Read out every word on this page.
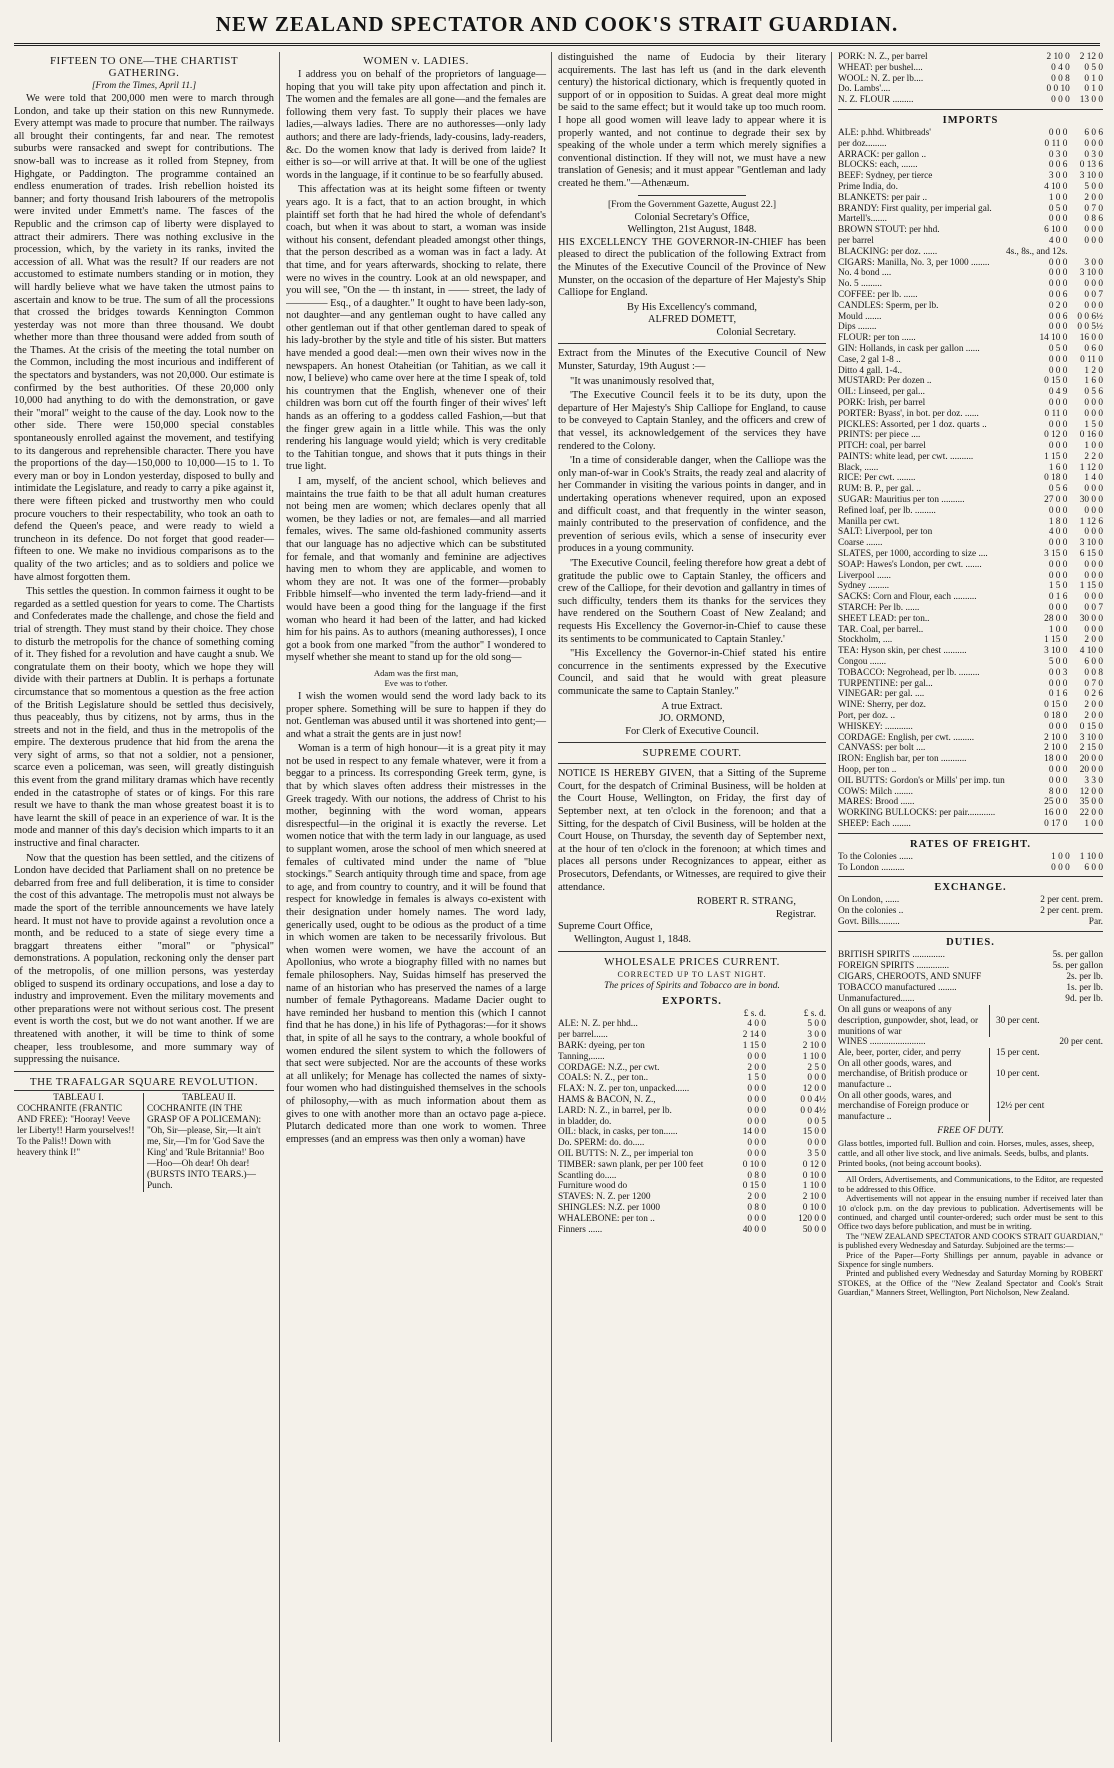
NEW ZEALAND SPECTATOR AND COOK'S STRAIT GUARDIAN.
FIFTEEN TO ONE—THE CHARTIST GATHERING.
[From the Times, April 11.]

We were told that 200,000 men were to march through London, and take up their station on this new Runnymede. Every attempt was made to procure that number. The railways all brought their contingents, far and near. The remotest suburbs were ransacked and swept for contributions. The snow-ball was to increase as it rolled from Stepney, from Highgate, or Paddington. The programme contained an endless enumeration of trades. Irish rebellion hoisted its banner; and forty thousand Irish labourers of the metropolis were invited under Emmett's name. The fasces of the Republic and the crimson cap of liberty were displayed to attract their admirers. There was nothing exclusive in the procession, which, by the variety in its ranks, invited the accession of all. What was the result? If our readers are not accustomed to estimate numbers standing or in motion, they will hardly believe what we have taken the utmost pains to ascertain and know to be true. The sum of all the processions that crossed the bridges towards Kennington Common yesterday was not more than three thousand. We doubt whether more than three thousand were added from south of the Thames. At the crisis of the meeting the total number on the Common, including the most incurious and indifferent of the spectators and bystanders, was not 20,000. Our estimate is confirmed by the best authorities. Of these 20,000 only 10,000 had anything to do with the demonstration, or gave their "moral" weight to the cause of the day. Look now to the other side. There were 150,000 special constables spontaneously enrolled against the movement, and testifying to its dangerous and reprehensible character. There you have the proportions of the day—150,000 to 10,000—15 to 1. To every man or boy in London yesterday, disposed to bully and intimidate the Legislature, and ready to carry a pike against it, there were fifteen picked and trustworthy men who could procure vouchers to their respectability, who took an oath to defend the Queen's peace, and were ready to wield a truncheon in its defence. Do not forget that good reader—fifteen to one. We make no invidious comparisons as to the quality of the two articles; and as to soldiers and police we have almost forgotten them.

This settles the question. In common fairness it ought to be regarded as a settled question for years to come. The Chartists and Confederates made the challenge, and chose the field and trial of strength. They must stand by their choice. They chose to disturb the metropolis for the chance of something coming of it. They fished for a revolution and have caught a snub. We congratulate them on their booty, which we hope they will divide with their partners at Dublin. It is perhaps a fortunate circumstance that so momentous a question as the free action of the British Legislature should be settled thus decisively, thus peaceably, thus by citizens, not by arms, thus in the streets and not in the field, and thus in the metropolis of the empire. The dexterous prudence that hid from the arena the very sight of arms, so that not a soldier, not a pensioner, scarce even a policeman, was seen, will greatly distinguish this event from the grand military dramas which have recently ended in the catastrophe of states or of kings. For this rare result we have to thank the man whose greatest boast it is to have learnt the skill of peace in an experience of war. It is the mode and manner of this day's decision which imparts to it an instructive and final character.

Now that the question has been settled, and the citizens of London have decided that Parliament shall on no pretence be debarred from free and full deliberation, it is time to consider the cost of this advantage. The metropolis must not always be made the sport of the terrible announcements we have lately heard. It must not have to provide against a revolution once a month, and be reduced to a state of siege every time a braggart threatens either "moral" or "physical" demonstrations. A population, reckoning only the denser part of the metropolis, of one million persons, was yesterday obliged to suspend its ordinary occupations, and lose a day to industry and improvement. Even the military movements and other preparations were not without serious cost. The present event is worth the cost, but we do not want another. If we are threatened with another, it will be time to think of some cheaper, less troublesome, and more summary way of suppressing the nuisance.

THE TRAFALGAR SQUARE REVOLUTION.
TABLEAU I.
COCHRANITE (FRANTIC AND FREE): "Hooray! Veeve ler Liberty!! Harm yourselves!! To the Palis!! Down with heavery think I!"
TABLEAU II.
COCHRANITE (IN THE GRASP OF A POLICEMAN): "Oh, Sir—please, Sir,—It ain't me, Sir,—I'm for 'God Save the King' and 'Rule Britannia!' Boo—Hoo—Oh dear! Oh dear! (BURSTS INTO TEARS.)—Punch.
WOMEN v. LADIES.

I address you on behalf of the proprietors of language—hoping that you will take pity upon affectation and pinch it. The women and the females are all gone—and the females are following them very fast. To supply their places we have ladies,—always ladies. There are no authoresses—only lady authors; and there are lady-friends, lady-cousins, lady-readers, &c. Do the women know that lady is derived from laide? It either is so—or will arrive at that. It will be one of the ugliest words in the language, if it continue to be so fearfully abused.

This affectation was at its height some fifteen or twenty years ago. It is a fact, that to an action brought, in which plaintiff set forth that he had hired the whole of defendant's coach, but when it was about to start, a woman was inside without his consent, defendant pleaded amongst other things, that the person described as a woman was in fact a lady. At that time, and for years afterwards, shocking to relate, there were no wives in the country. Look at an old newspaper, and you will see, "On the — th instant, in —— street, the lady of ———— Esq., of a daughter." It ought to have been lady-son, not daughter—and any gentleman ought to have called any other gentleman out if that other gentleman dared to speak of his lady-brother by the style and title of his sister. But matters have mended a good deal:—men own their wives now in the newspapers. An honest Otaheitian (or Tahitian, as we call it now, I believe) who came over here at the time I speak of, told his countrymen that the English, whenever one of their children was born cut off the fourth finger of their wives' left hands as an offering to a goddess called Fashion,—but that the finger grew again in a little while. This was the only rendering his language would yield; which is very creditable to the Tahitian tongue, and shows that it puts things in their true light.

I am, myself, of the ancient school, which believes and maintains the true faith to be that all adult human creatures not being men are women; which declares openly that all women, be they ladies or not, are females—and all married females, wives. The same old-fashioned community asserts that our language has no adjective which can be substituted for female, and that womanly and feminine are adjectives having men to whom they are applicable, and women to whom they are not. It was one of the former—probably Fribble himself—who invented the term lady-friend—and it would have been a good thing for the language if the first woman who heard it had been of the latter, and had kicked him for his pains. As to authors (meaning authoresses), I once got a book from one marked "from the author" I wondered to myself whether she meant to stand up for the old song—

Adam was the first man,
Eve was to t'other.

I wish the women would send the word lady back to its proper sphere. Something will be sure to happen if they do not. Gentleman was abused until it was shortened into gent;—and what a strait the gents are in just now!

Woman is a term of high honour—it is a great pity it may not be used in respect to any female whatever, were it from a beggar to a princess. Its corresponding Greek term, gyne, is that by which slaves often address their mistresses in the Greek tragedy. With our notions, the address of Christ to his mother, beginning with the word woman, appears disrespectful—in the original it is exactly the reverse. Let women notice that with the term lady in our language, as used to supplant women, arose the school of men which sneered at females of cultivated mind under the name of "blue stockings." Search antiquity through time and space, from age to age, and from country to country, and it will be found that respect for knowledge in females is always co-existent with their designation under homely names. The word lady, generically used, ought to be odious as the product of a time in which women are taken to be necessarily frivolous. But when women were women, we have the account of an Apollonius, who wrote a biography filled with no names but female philosophers. Nay, Suidas himself has preserved the name of an historian who has preserved the names of a large number of female Pythagoreans. Madame Dacier ought to have reminded her husband to mention this (which I cannot find that he has done,) in his life of Pythagoras:—for it shows that, in spite of all he says to the contrary, a whole bookful of women endured the silent system to which the followers of that sect were subjected. Nor are the accounts of these works at all unlikely; for Menage has collected the names of sixty-four women who had distinguished themselves in the schools of philosophy,—with as much information about them as gives to one with another more than an octavo page a-piece. Plutarch dedicated more than one work to women. Three empresses (and an empress was then only a woman) have

distinguished the name of Eudocia by their literary acquirements. The last has left us (and in the dark eleventh century) the historical dictionary, which is frequently quoted in support of or in opposition to Suidas. A great deal more might be said to the same effect; but it would take up too much room. I hope all good women will leave lady to appear where it is properly wanted, and not continue to degrade their sex by speaking of the whole under a term which merely signifies a conventional distinction. If they will not, we must have a new translation of Genesis; and it must appear "Gentleman and lady created he them."—Athenæum.

[From the Government Gazette, August 22.]
Colonial Secretary's Office,
Wellington, 21st August, 1848.

HIS EXCELLENCY THE GOVERNOR-IN-CHIEF has been pleased to direct the publication of the following Extract from the Minutes of the Executive Council of the Province of New Munster, on the occasion of the departure of Her Majesty's Ship Calliope for England.

By His Excellency's command,
ALFRED DOMETT,
Colonial Secretary.

Extract from the Minutes of the Executive Council of New Munster, Saturday, 19th August :—

"It was unanimously resolved that,

'The Executive Council feels it to be its duty, upon the departure of Her Majesty's Ship Calliope for England, to cause to be conveyed to Captain Stanley, and the officers and crew of that vessel, its acknowledgement of the services they have rendered to the Colony.

'In a time of considerable danger, when the Calliope was the only man-of-war in Cook's Straits, the ready zeal and alacrity of her Commander in visiting the various points in danger, and in undertaking operations whenever required, upon an exposed and difficult coast, and that frequently in the winter season, mainly contributed to the preservation of confidence, and the prevention of serious evils, which a sense of insecurity ever produces in a young community.

'The Executive Council, feeling therefore how great a debt of gratitude the public owe to Captain Stanley, the officers and crew of the Calliope, for their devotion and gallantry in times of such difficulty, tenders them its thanks for the services they have rendered on the Southern Coast of New Zealand; and requests His Excellency the Governor-in-Chief to cause these its sentiments to be communicated to Captain Stanley.'

"His Excellency the Governor-in-Chief stated his entire concurrence in the sentiments expressed by the Executive Council, and said that he would with great pleasure communicate the same to Captain Stanley."

A true Extract.
JO. ORMOND,
For Clerk of Executive Council.
SUPREME COURT.

NOTICE IS HEREBY GIVEN, that a Sitting of the Supreme Court, for the despatch of Criminal Business, will be holden at the Court House, Wellington, on Friday, the first day of September next, at ten o'clock in the forenoon; and that a Sitting, for the despatch of Civil Business, will be holden at the Court House, on Thursday, the seventh day of September next, at the hour of ten o'clock in the forenoon; at which times and places all persons under Recognizances to appear, either as Prosecutors, Defendants, or Witnesses, are required to give their attendance.

ROBERT R. STRANG,
Registrar.
Supreme Court Office,
Wellington, August 1, 1848.
WHOLESALE PRICES CURRENT.
CORRECTED UP TO LAST NIGHT.
The prices of Spirits and Tobacco are in bond.
EXPORTS.
	£ s. d.		£ s. d.
ALE: N. Z. per hhd...	4 0 0		5 0 0
per barrel......	2 14 0		3 0 0
BARK: dyeing, per ton	1 15 0		2 10 0
Tanning,......	0 0 0		1 10 0
CORDAGE: N.Z., per cwt.	2 0 0		2 5 0
COALS: N. Z., per ton..	1 5 0		0 0 0
FLAX: N. Z. per ton, unpacked......	0 0 0		12 0 0
HAMS & BACON, N. Z.,	0 0 0		0 0 4½
LARD: N. Z., in barrel, per lb.	0 0 0		0 0 4½
in bladder, do.	0 0 0		0 0 5
OIL: black, in casks, per ton......	14 0 0		15 0 0
Do. SPERM: do. do.....	0 0 0		0 0 0
OIL BUTTS: N. Z., per imperial ton	0 0 0		3 5 0
TIMBER: sawn plank, per per 100 feet	0 10 0		0 12 0
Scantling do.....	0 8 0		0 10 0
Furniture wood do	0 15 0		1 10 0
STAVES: N. Z. per 1200	2 0 0		2 10 0
SHINGLES: N.Z. per 1000	0 8 0		0 10 0
WHALEBONE: per ton ..	0 0 0		120 0 0
Finners ......	40 0 0		50 0 0
PORK: N. Z., per barrel	2 10 0		2 12 0
WHEAT: per bushel....	0 4 0		0 5 0
WOOL: N. Z. per lb....	0 0 8		0 1 0
Do. Lambs'....	0 0 10		0 1 0
N. Z. FLOUR .........	0 0 0		13 0 0
IMPORTS
ALE: p.hhd. Whitbreads'	0 0 0		6 0 6
per doz.........	0 11 0		0 0 0
ARRACK: per gallon ..	0 3 0		0 3 0
BLOCKS: each, .......	0 0 6		0 13 6
BEEF: Sydney, per tierce	3 0 0		3 10 0
Prime India, do.	4 10 0		5 0 0
BLANKETS: per pair ..	1 0 0		2 0 0
BRANDY: First quality, per imperial gal.	0 5 0		0 7 0
Martell's.......	0 0 0		0 8 6
BROWN STOUT: per hhd.	6 10 0		0 0 0
per barrel	4 0 0		0 0 0
BLACKING: per doz. ......	4s., 8s., and 12s.		
CIGARS: Manilla, No. 3, per 1000 ........	0 0 0		3 0 0
No. 4 bond ....	0 0 0		3 10 0
No. 5 .........	0 0 0		0 0 0
COFFEE: per lb. ......	0 0 6		0 0 7
CANDLES: Sperm, per lb.	0 2 0		0 0 0
Mould .......	0 0 6		0 0 6½
Dips ........	0 0 0		0 0 5½
FLOUR: per ton ......	14 10 0		16 0 0
GIN: Hollands, in cask per gallon ......	0 5 0		0 6 0
Case, 2 gal 1-8 ..	0 0 0		0 11 0
Ditto 4 gall. 1-4..	0 0 0		1 2 0
MUSTARD: Per dozen ..	0 15 0		1 6 0
OIL: Linseed, per gal...	0 4 9		0 5 6
PORK: Irish, per barrel	0 0 0		0 0 0
PORTER: Byass', in bot. per doz. ......	0 11 0		0 0 0
PICKLES: Assorted, per 1 doz. quarts ..	0 0 0		1 5 0
PRINTS: per piece ....	0 12 0		0 16 0
PITCH: coal, per barrel	0 0 0		1 0 0
PAINTS: white lead, per cwt. ..........	1 15 0		2 2 0
Black, ......	1 6 0		1 12 0
RICE: Per cwt. ........	0 18 0		1 4 0
RUM: B. P., per gal. ..	0 5 6		0 0 0
SUGAR: Mauritius per ton ..........	27 0 0		30 0 0
Refined loaf, per lb. .........	0 0 0		0 0 0
Manilla per cwt.	1 8 0		1 12 6
SALT: Liverpool, per ton	4 0 0		0 0 0
Coarse .......	0 0 0		3 10 0
SLATES, per 1000, according to size ....	3 15 0		6 15 0
SOAP: Hawes's London, per cwt. .......	0 0 0		0 0 0
Liverpool ......	0 0 0		0 0 0
Sydney .........	1 5 0		1 15 0
SACKS: Corn and Flour, each ..........	0 1 6		0 0 0
STARCH: Per lb. ......	0 0 0		0 0 7
SHEET LEAD: per ton..	28 0 0		30 0 0
TAR. Coal, per barrel..	1 0 0		0 0 0
Stockholm, ....	1 15 0		2 0 0
TEA: Hyson skin, per chest ..........	3 10 0		4 10 0
Congou .......	5 0 0		6 0 0
TOBACCO: Negrohead, per lb. .........	0 0 3		0 0 8
TURPENTINE: per gal...	0 0 0		0 7 0
VINEGAR: per gal. ....	0 1 6		0 2 6
WINE: Sherry, per doz.	0 15 0		2 0 0
Port, per doz. ..	0 18 0		2 0 0
WHISKEY: ............	0 0 0		0 15 0
CORDAGE: English, per cwt. .........	2 10 0		3 10 0
CANVASS: per bolt ....	2 10 0		2 15 0
IRON: English bar, per ton ...........	18 0 0		20 0 0
Hoop, per ton ..	0 0 0		20 0 0
OIL BUTTS: Gordon's or Mills' per imp. tun	0 0 0		3 3 0
COWS: Milch ........	8 0 0		12 0 0
MARES: Brood ......	25 0 0		35 0 0
WORKING BULLOCKS: per pair............	16 0 0		22 0 0
SHEEP: Each ........	0 17 0		1 0 0
RATES OF FREIGHT.
To the Colonies ......	1 0 0		1 10 0
To London ..........	0 0 0		6 0 0
EXCHANGE.
On London, ......	2 per cent. prem.
On the colonies ..	2 per cent. prem.
Govt. Bills.........	Par.
DUTIES.
BRITISH SPIRITS ..............	5s. per gallon
FOREIGN SPIRITS ..............	5s. per gallon
CIGARS, CHEROOTS, AND SNUFF	2s. per lb.
TOBACCO manufactured ........	1s. per lb.
Unmanufactured......	9d. per lb.
On all guns or weapons of any description, gunpowder, shot, lead, or munitions of war
30 per cent.
WINES ........................	20 per cent.
Ale, beer, porter, cider, and perry	15 per cent.
On all other goods, wares, and merchandise, of British produce or manufacture ..
10 per cent.
On all other goods, wares, and merchandise of Foreign produce or manufacture ..
12½ per cent
FREE OF DUTY.
Glass bottles, imported full. Bullion and coin. Horses, mules, asses, sheep, cattle, and all other live stock, and live animals. Seeds, bulbs, and plants. Printed books, (not being account books).

All Orders, Advertisements, and Communications, to the Editor, are requested to be addressed to this Office.

Advertisements will not appear in the ensuing number if received later than 10 o'clock p.m. on the day previous to publication. Advertisements will be continued, and charged until counter-ordered; such order must be sent to this Office two days before publication, and must be in writing.

The "NEW ZEALAND SPECTATOR AND COOK'S STRAIT GUARDIAN," is published every Wednesday and Saturday. Subjoined are the terms:—

Price of the Paper—Forty Shillings per annum, payable in advance or Sixpence for single numbers.

Printed and published every Wednesday and Saturday Morning by ROBERT STOKES, at the Office of the "New Zealand Spectator and Cook's Strait Guardian," Manners Street, Wellington, Port Nicholson, New Zealand.
